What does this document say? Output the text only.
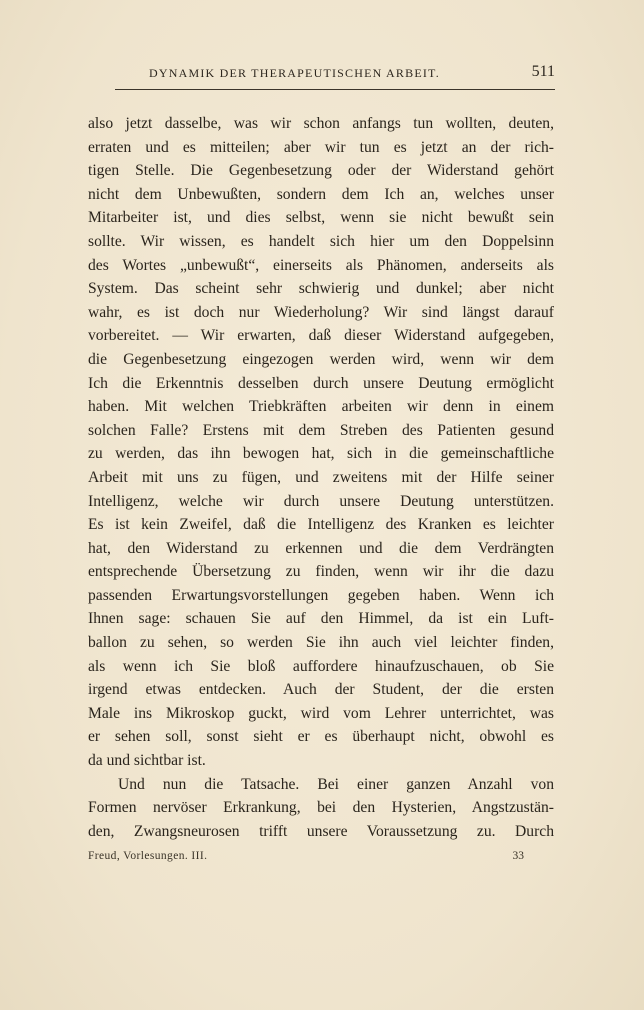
DYNAMIK DER THERAPEUTISCHEN ARBEIT.	511
also jetzt dasselbe, was wir schon anfangs tun wollten, deuten,
erraten und es mitteilen; aber wir tun es jetzt an der rich-
tigen Stelle. Die Gegenbesetzung oder der Widerstand gehört
nicht dem Unbewußten, sondern dem Ich an, welches unser
Mitarbeiter ist, und dies selbst, wenn sie nicht bewußt sein
sollte. Wir wissen, es handelt sich hier um den Doppelsinn
des Wortes „unbewußt“, einerseits als Phänomen, anderseits als
System. Das scheint sehr schwierig und dunkel; aber nicht
wahr, es ist doch nur Wiederholung? Wir sind längst darauf
vorbereitet. — Wir erwarten, daß dieser Widerstand aufgegeben,
die Gegenbesetzung eingezogen werden wird, wenn wir dem
Ich die Erkenntnis desselben durch unsere Deutung ermöglicht
haben. Mit welchen Triebkräften arbeiten wir denn in einem
solchen Falle? Erstens mit dem Streben des Patienten gesund
zu werden, das ihn bewogen hat, sich in die gemeinschaftliche
Arbeit mit uns zu fügen, und zweitens mit der Hilfe seiner
Intelligenz, welche wir durch unsere Deutung unterstützen.
Es ist kein Zweifel, daß die Intelligenz des Kranken es leichter
hat, den Widerstand zu erkennen und die dem Verdrängten
entsprechende Übersetzung zu finden, wenn wir ihr die dazu
passenden Erwartungsvorstellungen gegeben haben. Wenn ich
Ihnen sage: schauen Sie auf den Himmel, da ist ein Luft-
ballon zu sehen, so werden Sie ihn auch viel leichter finden,
als wenn ich Sie bloß auffordere hinaufzuschauen, ob Sie
irgend etwas entdecken. Auch der Student, der die ersten
Male ins Mikroskop guckt, wird vom Lehrer unterrichtet, was
er sehen soll, sonst sieht er es überhaupt nicht, obwohl es
da und sichtbar ist.
Und nun die Tatsache. Bei einer ganzen Anzahl von
Formen nervöser Erkrankung, bei den Hysterien, Angstzustän-
den, Zwangsneurosen trifft unsere Voraussetzung zu. Durch
Freud, Vorlesungen. III.	33
